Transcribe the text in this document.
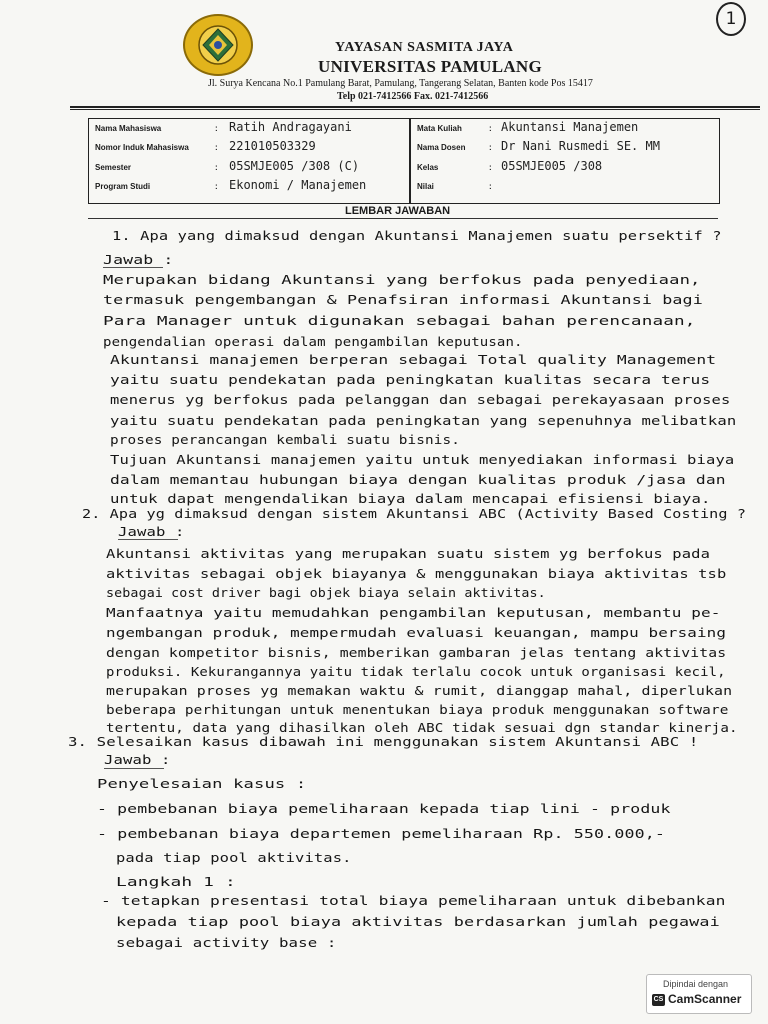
1
YAYASAN SASMITA JAYA
UNIVERSITAS PAMULANG
Jl. Surya Kencana No.1 Pamulang Barat, Pamulang, Tangerang Selatan, Banten kode Pos 15417
Telp 021-7412566 Fax. 021-7412566
Nama Mahasiswa	: Ratih Andragayani
Nomor Induk Mahasiswa	: 221010503329
Semester	: 05SMJE005 /308 (C)
Program Studi	: Ekonomi / Manajemen
Mata Kuliah	: Akuntansi Manajemen
Nama Dosen	: Dr Nani Rusmedi SE. MM
Kelas	: 05SMJE005 /308
Nilai	:
LEMBAR JAWABAN
1. Apa yang dimaksud dengan Akuntansi Manajemen suatu persektif ?
Jawab :
Merupakan bidang Akuntansi yang berfokus pada penyediaan,
termasuk pengembangan & Penafsiran informasi Akuntansi bagi
Para Manager untuk digunakan sebagai bahan perencanaan,
pengendalian operasi dalam pengambilan keputusan.
Akuntansi manajemen berperan sebagai Total quality Management
yaitu suatu pendekatan pada peningkatan kualitas secara terus
menerus yg berfokus pada pelanggan dan sebagai perekayasaan proses
yaitu suatu pendekatan pada peningkatan yang sepenuhnya melibatkan
proses perancangan kembali suatu bisnis.
Tujuan Akuntansi manajemen yaitu untuk menyediakan informasi biaya
dalam memantau hubungan biaya dengan kualitas produk /jasa dan
untuk dapat mengendalikan biaya dalam mencapai efisiensi biaya.
2. Apa yg dimaksud dengan sistem Akuntansi ABC (Activity Based Costing ?
Jawab :
Akuntansi aktivitas yang merupakan suatu sistem yg berfokus pada
aktivitas sebagai objek biayanya & menggunakan biaya aktivitas tsb
sebagai cost driver bagi objek biaya selain aktivitas.
Manfaatnya yaitu memudahkan pengambilan keputusan, membantu pe-
ngembangan produk, mempermudah evaluasi keuangan, mampu bersaing
dengan kompetitor bisnis, memberikan gambaran jelas tentang aktivitas
produksi. Kekurangannya yaitu tidak terlalu cocok untuk organisasi kecil,
merupakan proses yg memakan waktu & rumit, dianggap mahal, diperlukan
beberapa perhitungan untuk menentukan biaya produk menggunakan software
tertentu, data yang dihasilkan oleh ABC tidak sesuai dgn standar kinerja.
3. Selesaikan kasus dibawah ini menggunakan sistem Akuntansi ABC !
Jawab :
Penyelesaian kasus :
- pembebanan biaya pemeliharaan kepada tiap lini - produk
- pembebanan biaya departemen pemeliharaan Rp. 550.000,-
pada tiap pool aktivitas.
Langkah 1 :
- tetapkan presentasi total biaya pemeliharaan untuk dibebankan
kepada tiap pool biaya aktivitas berdasarkan jumlah pegawai
sebagai activity base :
Dipindai dengan
CS CamScanner
